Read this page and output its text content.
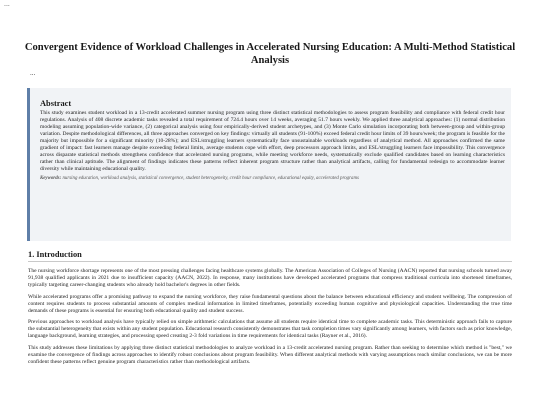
...
Convergent Evidence of Workload Challenges in Accelerated Nursing Education: A Multi-Method Statistical Analysis
...
Abstract

This study examines student workload in a 13-credit accelerated summer nursing program using three distinct statistical methodologies to assess program feasibility and compliance with federal credit hour regulations. Analysis of 408 discrete academic tasks revealed a total requirement of 724.4 hours over 14 weeks, averaging 51.7 hours weekly. We applied three analytical approaches: (1) normal distribution modeling assuming population-wide variance, (2) categorical analysis using four empirically-derived student archetypes, and (3) Monte Carlo simulation incorporating both between-group and within-group variation. Despite methodological differences, all three approaches converged on key findings: virtually all students (91-100%) exceed federal credit hour limits of 39 hours/week; the program is feasible for the majority but impossible for a significant minority (10-28%); and ESL/struggling learners systematically face unsustainable workloads regardless of analytical method. All approaches confirmed the same gradient of impact: fast learners manage despite exceeding federal limits, average students cope with effort, deep processors approach limits, and ESL/struggling learners face impossibility. This convergence across disparate statistical methods strengthens confidence that accelerated nursing programs, while meeting workforce needs, systematically exclude qualified candidates based on learning characteristics rather than clinical aptitude. The alignment of findings indicates these patterns reflect inherent program structure rather than analytical artifacts, calling for fundamental redesign to accommodate learner diversity while maintaining educational quality.

Keywords: nursing education, workload analysis, statistical convergence, student heterogeneity, credit hour compliance, educational equity, accelerated programs

1. Introduction

The nursing workforce shortage represents one of the most pressing challenges facing healthcare systems globally. The American Association of Colleges of Nursing (AACN) reported that nursing schools turned away 91,938 qualified applicants in 2021 due to insufficient capacity (AACN, 2022). In response, many institutions have developed accelerated programs that compress traditional curricula into shortened timeframes, typically targeting career-changing students who already hold bachelor's degrees in other fields.

While accelerated programs offer a promising pathway to expand the nursing workforce, they raise fundamental questions about the balance between educational efficiency and student wellbeing. The compression of content requires students to process substantial amounts of complex medical information in limited timeframes, potentially exceeding human cognitive and physiological capacities. Understanding the true time demands of these programs is essential for ensuring both educational quality and student success.

Previous approaches to workload analysis have typically relied on simple arithmetic calculations that assume all students require identical time to complete academic tasks. This deterministic approach fails to capture the substantial heterogeneity that exists within any student population. Educational research consistently demonstrates that task completion times vary significantly among learners, with factors such as prior knowledge, language background, learning strategies, and processing speed creating 2-3 fold variations in time requirements for identical tasks (Rayner et al., 2016).

This study addresses these limitations by applying three distinct statistical methodologies to analyze workload in a 13-credit accelerated nursing program. Rather than seeking to determine which method is "best," we examine the convergence of findings across approaches to identify robust conclusions about program feasibility. When different analytical methods with varying assumptions reach similar conclusions, we can be more confident these patterns reflect genuine program characteristics rather than methodological artifacts.
